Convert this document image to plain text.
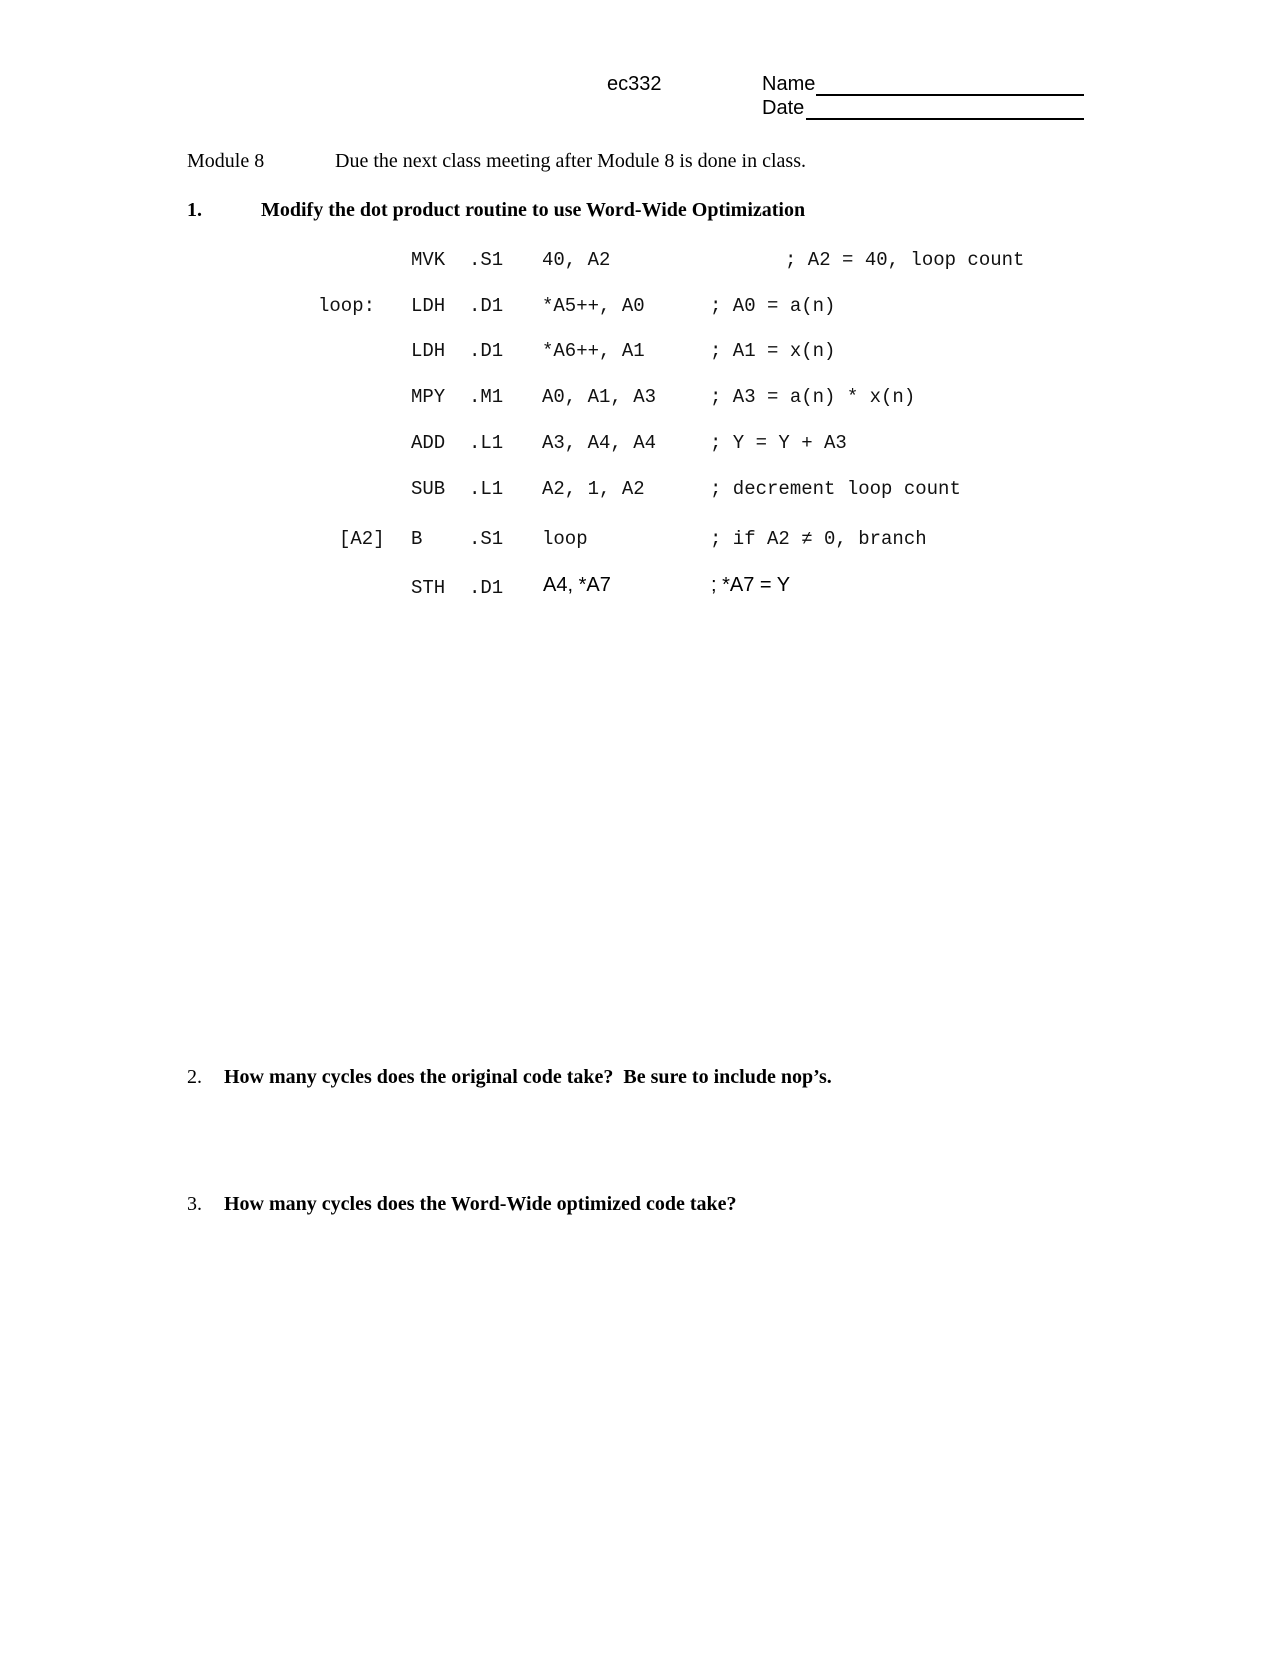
ec332	Name
Date
Module 8	Due the next class meeting after Module 8 is done in class.
1.	Modify the dot product routine to use Word-Wide Optimization
MVK .S1 40, A2	; A2 = 40, loop count
loop: LDH .D1 *A5++, A0	; A0 = a(n)
LDH .D1 *A6++, A1	; A1 = x(n)
MPY .M1 A0, A1, A3	; A3 = a(n) * x(n)
ADD .L1 A3, A4, A4	; Y = Y + A3
SUB .L1 A2, 1, A2	; decrement loop count
[A2] B .S1 loop	; if A2 ≠ 0, branch
STH .D1 A4, *A7	; *A7 = Y
2. How many cycles does the original code take?  Be sure to include nop’s.
3. How many cycles does the Word-Wide optimized code take?
